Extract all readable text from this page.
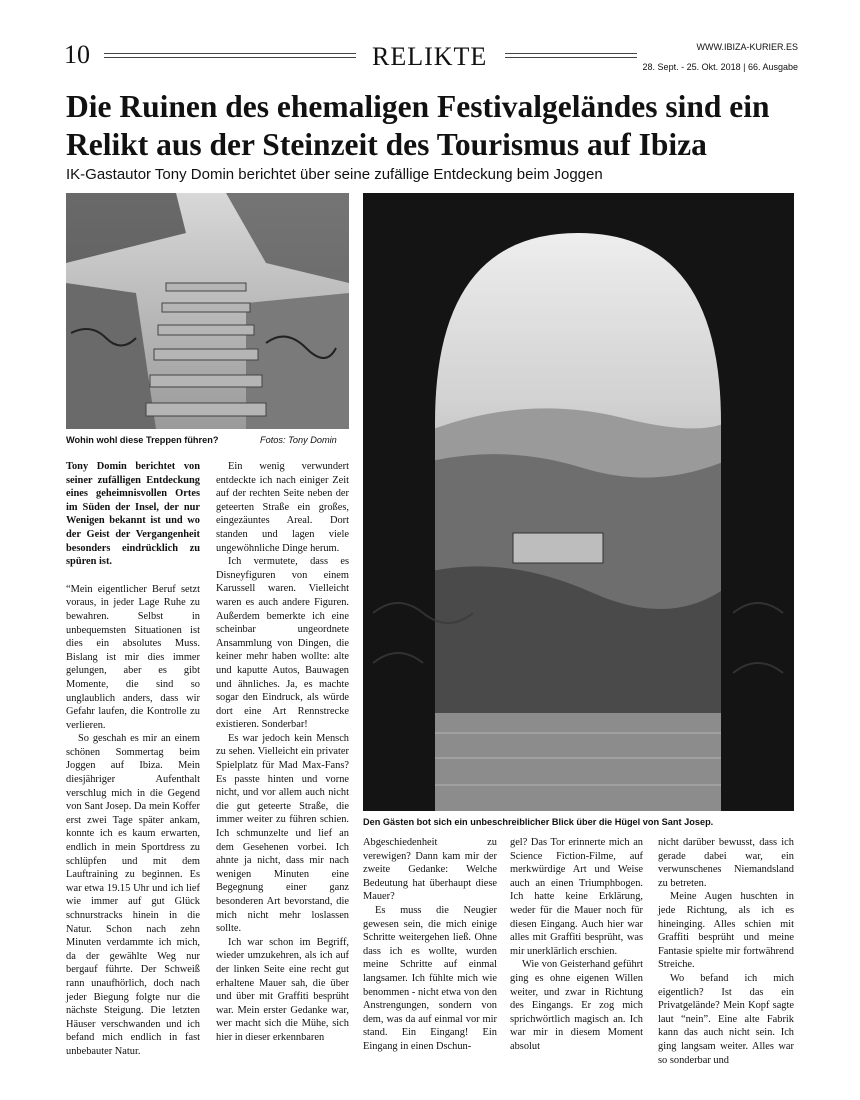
10	RELIKTE	WWW.IBIZA-KURIER.ES
28. Sept. - 25. Okt. 2018 | 66. Ausgabe
Die Ruinen des ehemaligen Festivalgeländes sind ein Relikt aus der Steinzeit des Tourismus auf Ibiza
IK-Gastautor Tony Domin berichtet über seine zufällige Entdeckung beim Joggen
Wohin wohl diese Treppen führen?	Fotos: Tony Domin
Den Gästen bot sich ein unbeschreiblicher Blick über die Hügel von Sant Josep.

Tony Domin berichtet von seiner zufälligen Entdeckung eines geheimnisvollen Ortes im Süden der Insel, der nur Wenigen bekannt ist und wo der Geist der Vergangenheit besonders eindrücklich zu spüren ist.

“Mein eigentlicher Beruf setzt voraus, in jeder Lage Ruhe zu bewahren. Selbst in unbequemsten Situationen ist dies ein absolutes Muss. Bislang ist mir dies immer gelungen, aber es gibt Momente, die sind so unglaublich anders, dass wir Gefahr laufen, die Kontrolle zu verlieren.

So geschah es mir an einem schönen Sommertag beim Joggen auf Ibiza. Mein diesjähriger Aufenthalt verschlug mich in die Gegend von Sant Josep. Da mein Koffer erst zwei Tage später ankam, konnte ich es kaum erwarten, endlich in mein Sportdress zu schlüpfen und mit dem Lauftraining zu beginnen. Es war etwa 19.15 Uhr und ich lief wie immer auf gut Glück schnurstracks hinein in die Natur. Schon nach zehn Minuten verdammte ich mich, da der gewählte Weg nur bergauf führte. Der Schweiß rann unaufhörlich, doch nach jeder Biegung folgte nur die nächste Steigung. Die letzten Häuser verschwanden und ich befand mich endlich in fast unbebauter Natur.

Ein wenig verwundert entdeckte ich nach einiger Zeit auf der rechten Seite neben der geteerten Straße ein großes, eingezäuntes Areal. Dort standen und lagen viele ungewöhnliche Dinge herum.

Ich vermutete, dass es Disneyfiguren von einem Karussell waren. Vielleicht waren es auch andere Figuren. Außerdem bemerkte ich eine scheinbar ungeordnete Ansammlung von Dingen, die keiner mehr haben wollte: alte und kaputte Autos, Bauwagen und ähnliches. Ja, es machte sogar den Eindruck, als würde dort eine Art Rennstrecke existieren. Sonderbar!

Es war jedoch kein Mensch zu sehen. Vielleicht ein privater Spielplatz für Mad Max-Fans? Es passte hinten und vorne nicht, und vor allem auch nicht die gut geteerte Straße, die immer weiter zu führen schien. Ich schmunzelte und lief an dem Gesehenen vorbei. Ich ahnte ja nicht, dass mir nach wenigen Minuten eine Begegnung einer ganz besonderen Art bevorstand, die mich nicht mehr loslassen sollte.

Ich war schon im Begriff, wieder umzukehren, als ich auf der linken Seite eine recht gut erhaltene Mauer sah, die über und über mit Graffiti besprüht war. Mein erster Gedanke war, wer macht sich die Mühe, sich hier in dieser erkennbaren

Abgeschiedenheit zu verewigen? Dann kam mir der zweite Gedanke: Welche Bedeutung hat überhaupt diese Mauer?

Es muss die Neugier gewesen sein, die mich einige Schritte weitergehen ließ. Ohne dass ich es wollte, wurden meine Schritte auf einmal langsamer. Ich fühlte mich wie benommen - nicht etwa von den Anstrengungen, sondern von dem, was da auf einmal vor mir stand. Ein Eingang! Ein Eingang in einen Dschun-

gel? Das Tor erinnerte mich an Science Fiction-Filme, auf merkwürdige Art und Weise auch an einen Triumphbogen. Ich hatte keine Erklärung, weder für die Mauer noch für diesen Eingang. Auch hier war alles mit Graffiti besprüht, was mir unerklärlich erschien.

Wie von Geisterhand geführt ging es ohne eigenen Willen weiter, und zwar in Richtung des Eingangs. Er zog mich sprichwörtlich magisch an. Ich war mir in diesem Moment absolut

nicht darüber bewusst, dass ich gerade dabei war, ein verwunschenes Niemandsland zu betreten.

Meine Augen huschten in jede Richtung, als ich es hineinging. Alles schien mit Graffiti besprüht und meine Fantasie spielte mir fortwährend Streiche.

Wo befand ich mich eigentlich? Ist das ein Privatgelände? Mein Kopf sagte laut “nein”. Eine alte Fabrik kann das auch nicht sein. Ich ging langsam weiter. Alles war so sonderbar und
